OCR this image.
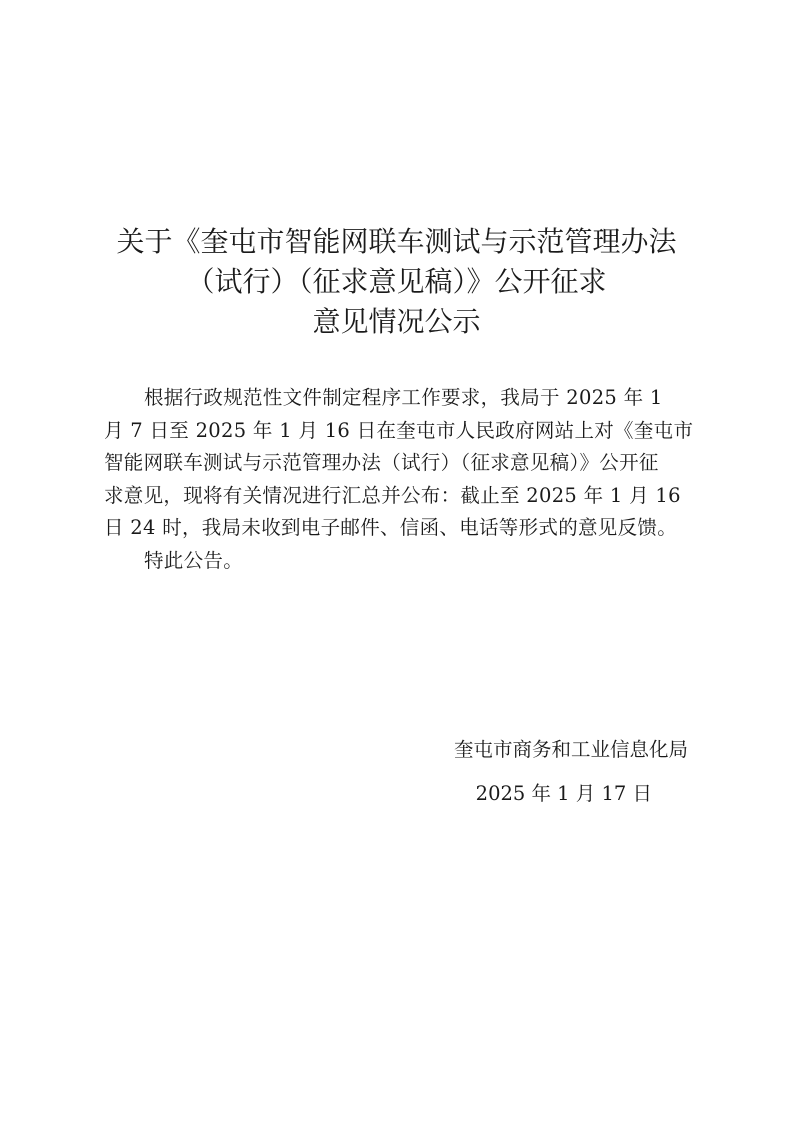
关于《奎屯市智能网联车测试与示范管理办法
（试行）（征求意见稿）》公开征求
意见情况公示

根据行政规范性文件制定程序工作要求，我局于 2025 年 1

月 7 日至 2025 年 1 月 16 日在奎屯市人民政府网站上对《奎屯市

智能网联车测试与示范管理办法（试行）（征求意见稿）》公开征

求意见，现将有关情况进行汇总并公布：截止至 2025 年 1 月 16

日 24 时，我局未收到电子邮件、信函、电话等形式的意见反馈。

特此公告。

奎屯市商务和工业信息化局
2025 年 1 月 17 日
